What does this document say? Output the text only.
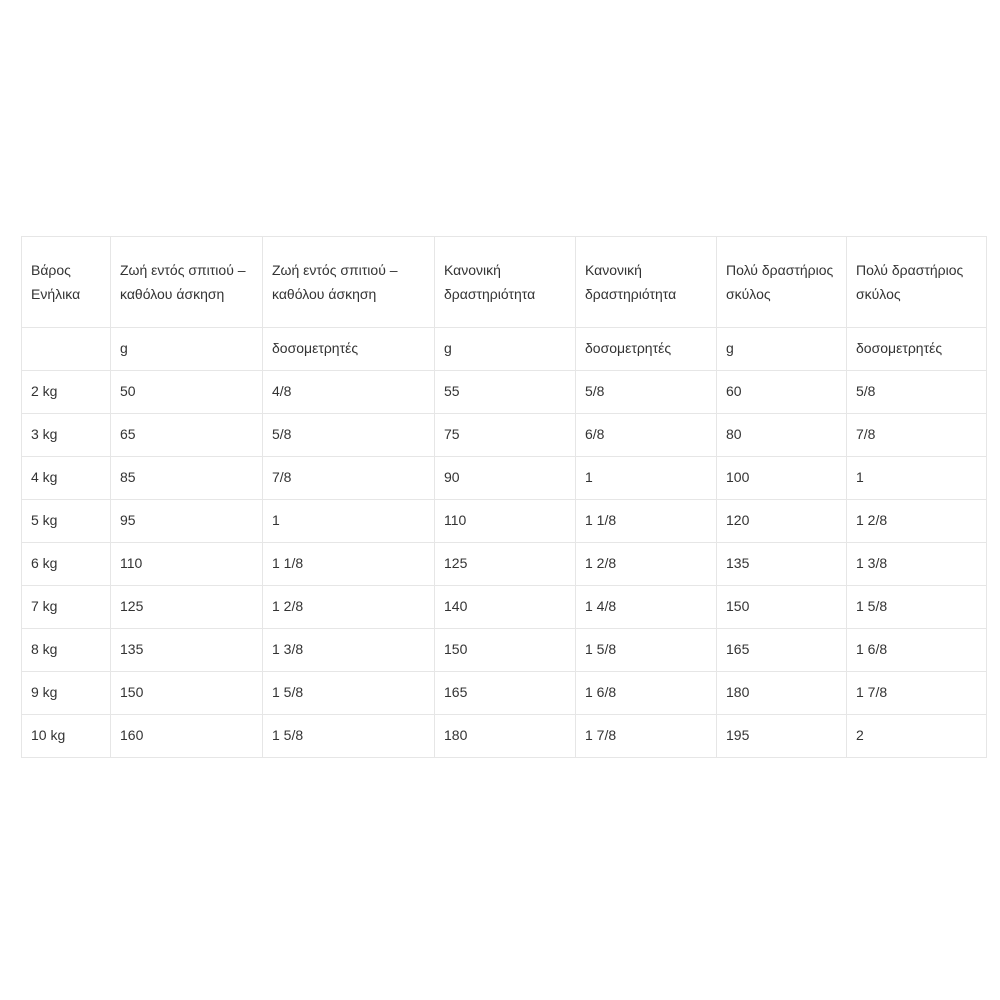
Βάρος Ενήλικα	Ζωή εντός σπιτιού – καθόλου άσκηση	Ζωή εντός σπιτιού – καθόλου άσκηση	Κανονική δραστηριότητα	Κανονική δραστηριότητα	Πολύ δραστήριος σκύλος	Πολύ δραστήριος σκύλος
	g	δοσομετρητές	g	δοσομετρητές	g	δοσομετρητές
2 kg	50	4/8	55	5/8	60	5/8
3 kg	65	5/8	75	6/8	80	7/8
4 kg	85	7/8	90	1	100	1
5 kg	95	1	110	1 1/8	120	1 2/8
6 kg	110	1 1/8	125	1 2/8	135	1 3/8
7 kg	125	1 2/8	140	1 4/8	150	1 5/8
8 kg	135	1 3/8	150	1 5/8	165	1 6/8
9 kg	150	1 5/8	165	1 6/8	180	1 7/8
10 kg	160	1 5/8	180	1 7/8	195	2
